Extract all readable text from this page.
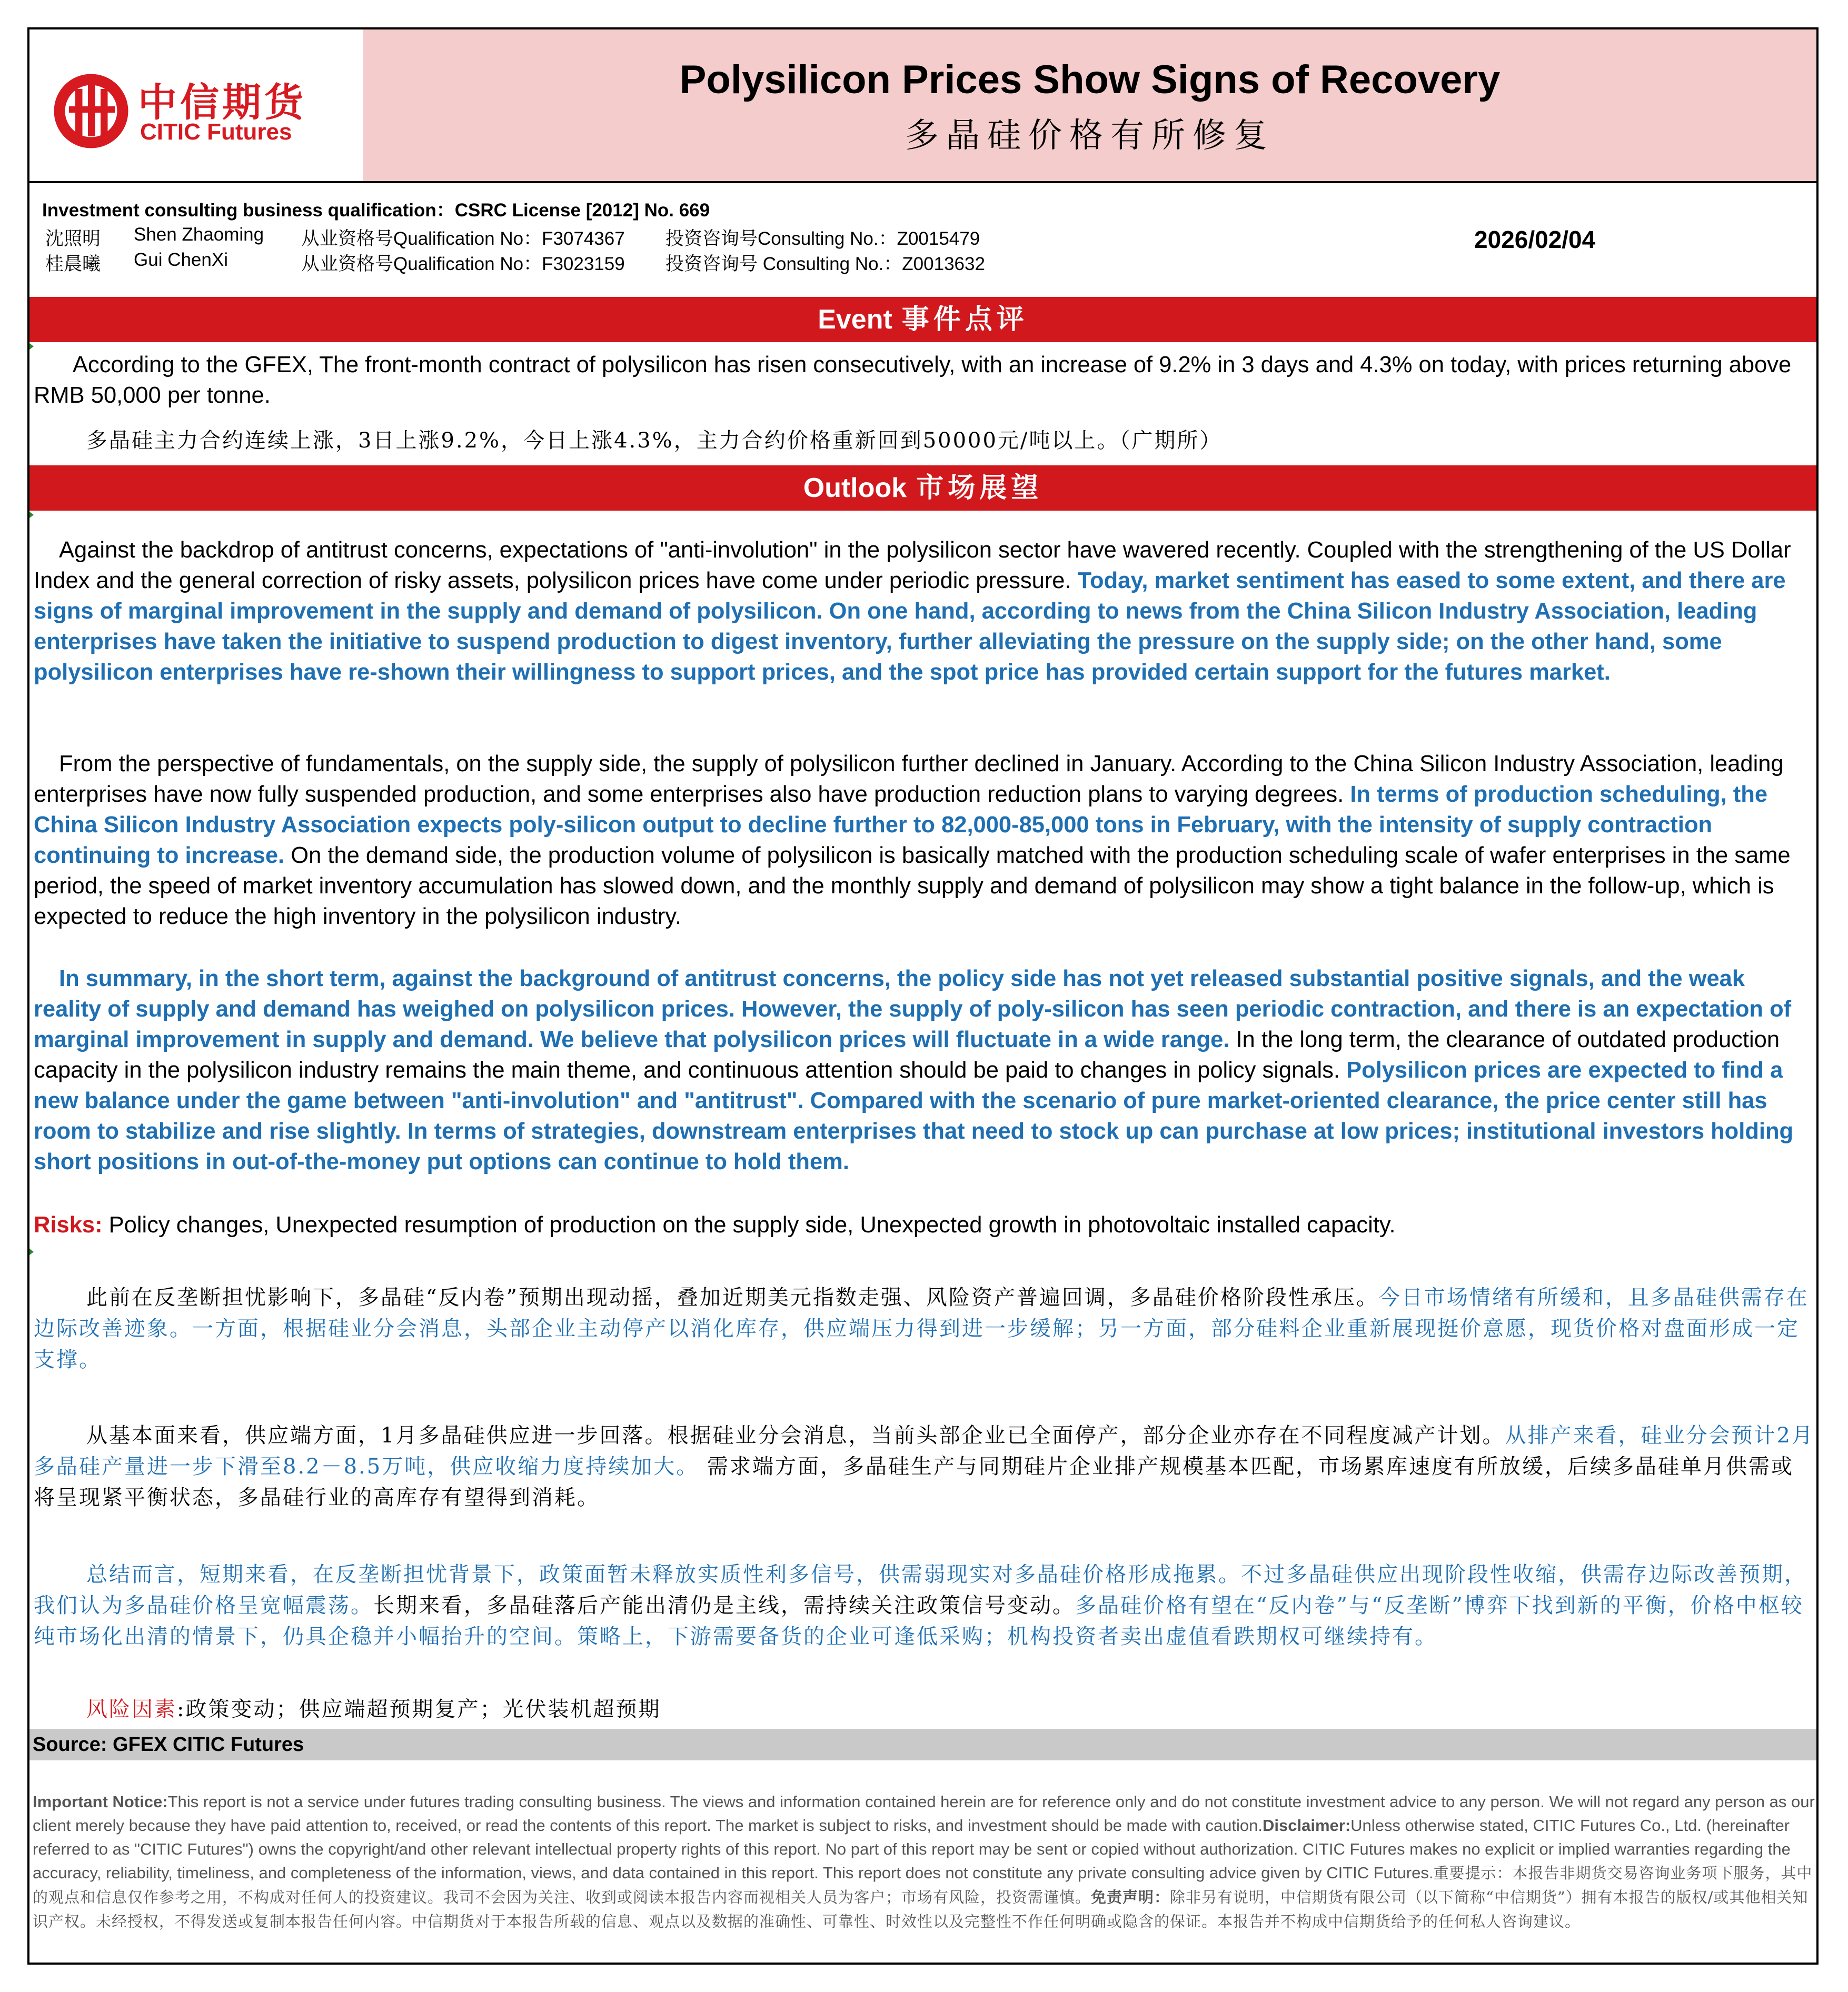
中信期货
CITIC Futures
Polysilicon Prices Show Signs of Recovery
多晶硅价格有所修复
Investment consulting business qualification：CSRC License [2012] No. 669
沈照明 Shen Zhaoming 从业资格号Qualification No：F3074367 投资咨询号Consulting No.：Z0015479
桂晨曦 Gui ChenXi	从业资格号Qualification No：F3023159 投资咨询号 Consulting No.：Z0013632
2026/02/04
Event 事件点评
According to the GFEX, The front-month contract of polysilicon has risen consecutively, with an increase of 9.2% in 3 days and 4.3% on today, with prices returning above RMB 50,000 per tonne.
多晶硅主力合约连续上涨，3日上涨9.2%，今日上涨4.3%，主力合约价格重新回到50000元/吨以上。（广期所）
Outlook 市场展望
Against the backdrop of antitrust concerns, expectations of "anti-involution" in the polysilicon sector have wavered recently. Coupled with the strengthening of the US Dollar Index and the general correction of risky assets, polysilicon prices have come under periodic pressure. Today, market sentiment has eased to some extent, and there are signs of marginal improvement in the supply and demand of polysilicon. On one hand, according to news from the China Silicon Industry Association, leading enterprises have taken the initiative to suspend production to digest inventory, further alleviating the pressure on the supply side; on the other hand, some polysilicon enterprises have re-shown their willingness to support prices, and the spot price has provided certain support for the futures market.
From the perspective of fundamentals, on the supply side, the supply of polysilicon further declined in January. According to the China Silicon Industry Association, leading enterprises have now fully suspended production, and some enterprises also have production reduction plans to varying degrees. In terms of production scheduling, the China Silicon Industry Association expects poly-silicon output to decline further to 82,000-85,000 tons in February, with the intensity of supply contraction continuing to increase. On the demand side, the production volume of polysilicon is basically matched with the production scheduling scale of wafer enterprises in the same period, the speed of market inventory accumulation has slowed down, and the monthly supply and demand of polysilicon may show a tight balance in the follow-up, which is expected to reduce the high inventory in the polysilicon industry.
In summary, in the short term, against the background of antitrust concerns, the policy side has not yet released substantial positive signals, and the weak reality of supply and demand has weighed on polysilicon prices. However, the supply of poly-silicon has seen periodic contraction, and there is an expectation of marginal improvement in supply and demand. We believe that polysilicon prices will fluctuate in a wide range. In the long term, the clearance of outdated production capacity in the polysilicon industry remains the main theme, and continuous attention should be paid to changes in policy signals. Polysilicon prices are expected to find a new balance under the game between "anti-involution" and "antitrust". Compared with the scenario of pure market-oriented clearance, the price center still has room to stabilize and rise slightly. In terms of strategies, downstream enterprises that need to stock up can purchase at low prices; institutional investors holding short positions in out-of-the-money put options can continue to hold them.
Risks: Policy changes, Unexpected resumption of production on the supply side, Unexpected growth in photovoltaic installed capacity.
此前在反垄断担忧影响下，多晶硅“反内卷”预期出现动摇，叠加近期美元指数走强、风险资产普遍回调，多晶硅价格阶段性承压。今日市场情绪有所缓和，且多晶硅供需存在边际改善迹象。一方面，根据硅业分会消息，头部企业主动停产以消化库存，供应端压力得到进一步缓解；另一方面，部分硅料企业重新展现挺价意愿，现货价格对盘面形成一定支撑。
从基本面来看，供应端方面，1月多晶硅供应进一步回落。根据硅业分会消息，当前头部企业已全面停产，部分企业亦存在不同程度减产计划。从排产来看，硅业分会预计2月多晶硅产量进一步下滑至8.2－8.5万吨，供应收缩力度持续加大。 需求端方面，多晶硅生产与同期硅片企业排产规模基本匹配，市场累库速度有所放缓，后续多晶硅单月供需或将呈现紧平衡状态，多晶硅行业的高库存有望得到消耗。
总结而言，短期来看，在反垄断担忧背景下，政策面暂未释放实质性利多信号，供需弱现实对多晶硅价格形成拖累。不过多晶硅供应出现阶段性收缩，供需存边际改善预期，我们认为多晶硅价格呈宽幅震荡。长期来看，多晶硅落后产能出清仍是主线，需持续关注政策信号变动。多晶硅价格有望在“反内卷”与“反垄断”博弈下找到新的平衡，价格中枢较纯市场化出清的情景下，仍具企稳并小幅抬升的空间。策略上，下游需要备货的企业可逢低采购；机构投资者卖出虚值看跌期权可继续持有。
风险因素:政策变动；供应端超预期复产；光伏装机超预期
Source: GFEX CITIC Futures
Important Notice:This report is not a service under futures trading consulting business. The views and information contained herein are for reference only and do not constitute investment advice to any person. We will not regard any person as our client merely because they have paid attention to, received, or read the contents of this report. The market is subject to risks, and investment should be made with caution.Disclaimer:Unless otherwise stated, CITIC Futures Co., Ltd. (hereinafter referred to as "CITIC Futures") owns the copyright/and other relevant intellectual property rights of this report. No part of this report may be sent or copied without authorization. CITIC Futures makes no explicit or implied warranties regarding the accuracy, reliability, timeliness, and completeness of the information, views, and data contained in this report. This report does not constitute any private consulting advice given by CITIC Futures.重要提示：本报告非期货交易咨询业务项下服务，其中的观点和信息仅作参考之用，不构成对任何人的投资建议。我司不会因为关注、收到或阅读本报告内容而视相关人员为客户；市场有风险，投资需谨慎。免责声明：除非另有说明，中信期货有限公司（以下简称“中信期货”）拥有本报告的版权/或其他相关知识产权。未经授权，不得发送或复制本报告任何内容。中信期货对于本报告所载的信息、观点以及数据的准确性、可靠性、时效性以及完整性不作任何明确或隐含的保证。本报告并不构成中信期货给予的任何私人咨询建议。
